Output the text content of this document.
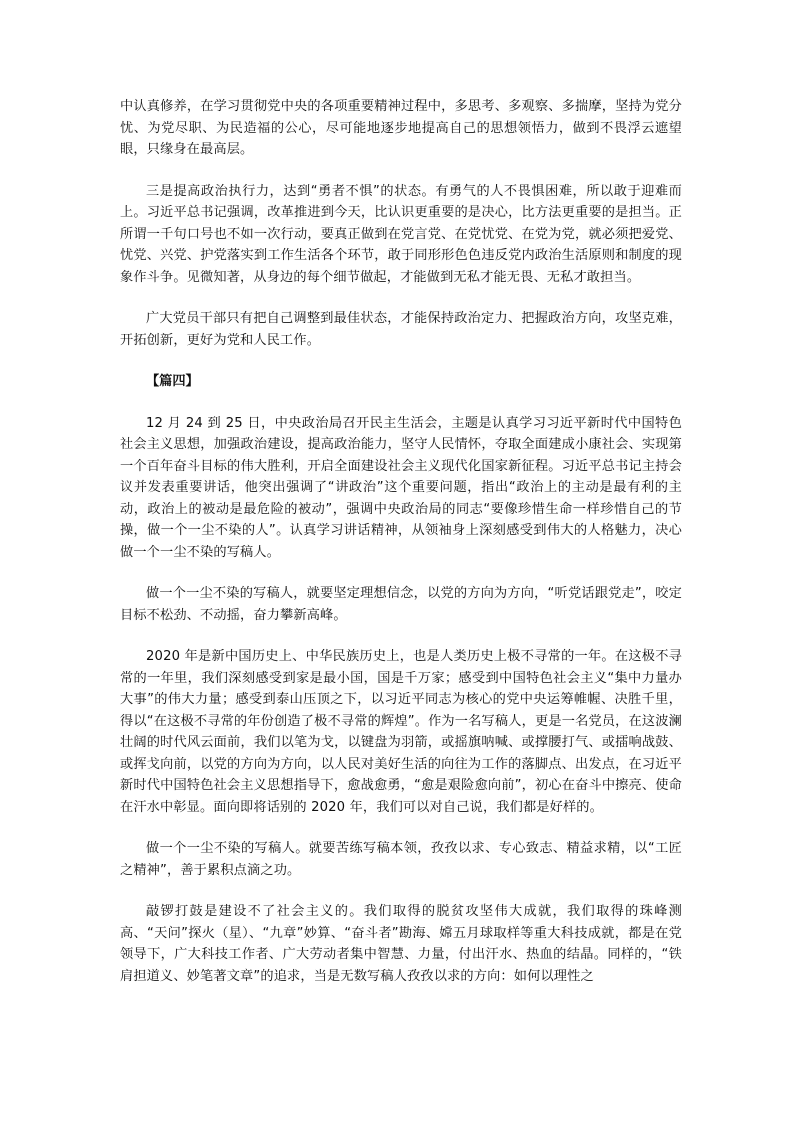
中认真修养，在学习贯彻党中央的各项重要精神过程中，多思考、多观察、多揣摩，坚持为党分忧、为党尽职、为民造福的公心，尽可能地逐步地提高自己的思想领悟力，做到不畏浮云遮望眼，只缘身在最高层。

三是提高政治执行力，达到“勇者不惧”的状态。有勇气的人不畏惧困难，所以敢于迎难而上。习近平总书记强调，改革推进到今天，比认识更重要的是决心，比方法更重要的是担当。正所谓一千句口号也不如一次行动，要真正做到在党言党、在党忧党、在党为党，就必须把爱党、忧党、兴党、护党落实到工作生活各个环节，敢于同形形色色违反党内政治生活原则和制度的现象作斗争。见微知著，从身边的每个细节做起，才能做到无私才能无畏、无私才敢担当。

广大党员干部只有把自己调整到最佳状态，才能保持政治定力、把握政治方向，攻坚克难，开拓创新，更好为党和人民工作。

【篇四】

12 月 24 到 25 日，中央政治局召开民主生活会，主题是认真学习习近平新时代中国特色社会主义思想，加强政治建设，提高政治能力，坚守人民情怀，夺取全面建成小康社会、实现第一个百年奋斗目标的伟大胜利，开启全面建设社会主义现代化国家新征程。习近平总书记主持会议并发表重要讲话，他突出强调了“讲政治”这个重要问题，指出“政治上的主动是最有利的主动，政治上的被动是最危险的被动”，强调中央政治局的同志“要像珍惜生命一样珍惜自己的节操，做一个一尘不染的人”。认真学习讲话精神，从领袖身上深刻感受到伟大的人格魅力，决心做一个一尘不染的写稿人。

做一个一尘不染的写稿人，就要坚定理想信念，以党的方向为方向，“听党话跟党走”，咬定目标不松劲、不动摇，奋力攀新高峰。

2020 年是新中国历史上、中华民族历史上，也是人类历史上极不寻常的一年。在这极不寻常的一年里，我们深刻感受到家是最小国，国是千万家；感受到中国特色社会主义“集中力量办大事”的伟大力量；感受到泰山压顶之下，以习近平同志为核心的党中央运筹帷幄、决胜千里，得以“在这极不寻常的年份创造了极不寻常的辉煌”。作为一名写稿人，更是一名党员，在这波澜壮阔的时代风云面前，我们以笔为戈，以键盘为羽箭，或摇旗呐喊、或撑腰打气、或擂响战鼓、或挥戈向前，以党的方向为方向，以人民对美好生活的向往为工作的落脚点、出发点，在习近平新时代中国特色社会主义思想指导下，愈战愈勇，“愈是艰险愈向前”，初心在奋斗中擦亮、使命在汗水中彰显。面向即将话别的 2020 年，我们可以对自己说，我们都是好样的。

做一个一尘不染的写稿人。就要苦练写稿本领，孜孜以求、专心致志、精益求精，以“工匠之精神”，善于累积点滴之功。

敲锣打鼓是建设不了社会主义的。我们取得的脱贫攻坚伟大成就，我们取得的珠峰测高、“天问”探火（星）、“九章”妙算、“奋斗者”勘海、嫦五月球取样等重大科技成就，都是在党领导下，广大科技工作者、广大劳动者集中智慧、力量，付出汗水、热血的结晶。同样的，“铁肩担道义、妙笔著文章”的追求，当是无数写稿人孜孜以求的方向：如何以理性之
